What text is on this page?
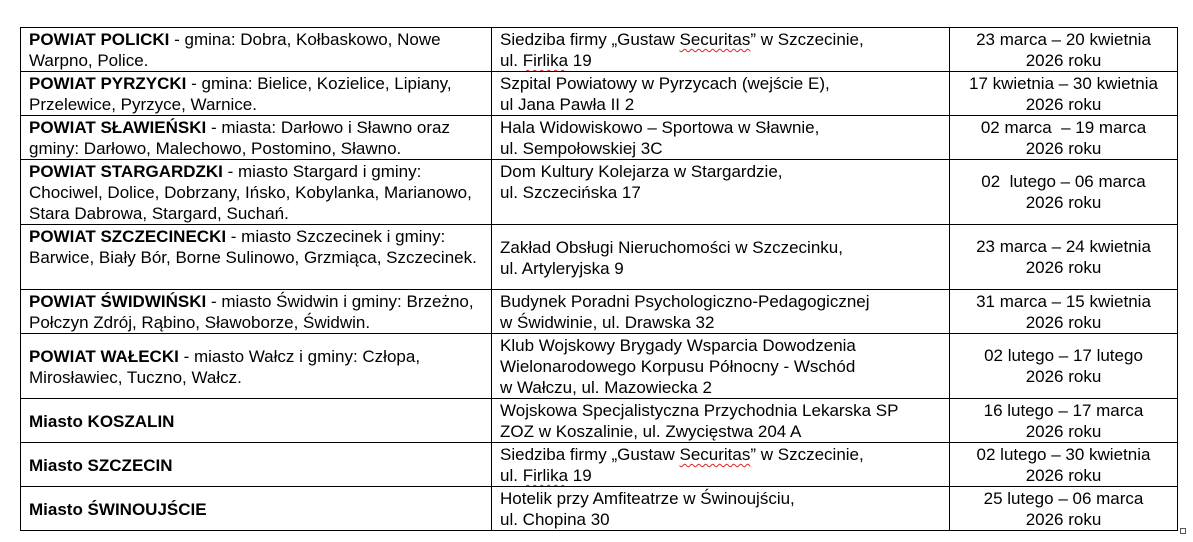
POWIAT POLICKI - gmina: Dobra, Kołbaskowo, Nowe Warpno, Police.	Siedziba firmy „Gustaw Securitas” w Szczecinie,
ul. Firlika 19	23 marca – 20 kwietnia
2026 roku

POWIAT PYRZYCKI - gmina: Bielice, Kozielice, Lipiany, Przelewice, Pyrzyce, Warnice.	Szpital Powiatowy w Pyrzycach (wejście E),
ul Jana Pawła II 2	17 kwietnia – 30 kwietnia
2026 roku

POWIAT SŁAWIEŃSKI - miasta: Darłowo i Sławno oraz gminy: Darłowo, Malechowo, Postomino, Sławno.	Hala Widowiskowo – Sportowa w Sławnie,
ul. Sempołowskiej 3C	02 marca  – 19 marca
2026 roku

POWIAT STARGARDZKI - miasto Stargard i gminy: Chociwel, Dolice, Dobrzany, Ińsko, Kobylanka, Marianowo, Stara Dabrowa, Stargard, Suchań.	Dom Kultury Kolejarza w Stargardzie,
ul. Szczecińska 17	02  lutego – 06 marca
2026 roku

POWIAT SZCZECINECKI - miasto Szczecinek i gminy: Barwice, Biały Bór, Borne Sulinowo, Grzmiąca, Szczecinek.	Zakład Obsługi Nieruchomości w Szczecinku,
ul. Artyleryjska 9	23 marca – 24 kwietnia
2026 roku

POWIAT ŚWIDWIŃSKI - miasto Świdwin i gminy: Brzeżno, Połczyn Zdrój, Rąbino, Sławoborze, Świdwin.	Budynek Poradni Psychologiczno-Pedagogicznej
w Świdwinie, ul. Drawska 32	31 marca – 15 kwietnia
2026 roku

POWIAT WAŁECKI - miasto Wałcz i gminy: Człopa, Mirosławiec, Tuczno, Wałcz.	Klub Wojskowy Brygady Wsparcia Dowodzenia
Wielonarodowego Korpusu Północny - Wschód
w Wałczu, ul. Mazowiecka 2	02 lutego – 17 lutego
2026 roku

Miasto KOSZALIN	Wojskowa Specjalistyczna Przychodnia Lekarska SP
ZOZ w Koszalinie, ul. Zwycięstwa 204 A	16 lutego – 17 marca
2026 roku

Miasto SZCZECIN	Siedziba firmy „Gustaw Securitas” w Szczecinie,
ul. Firlika 19	02 lutego – 30 kwietnia
2026 roku

Miasto ŚWINOUJŚCIE	Hotelik przy Amfiteatrze w Świnoujściu,
ul. Chopina 30	25 lutego – 06 marca
2026 roku
